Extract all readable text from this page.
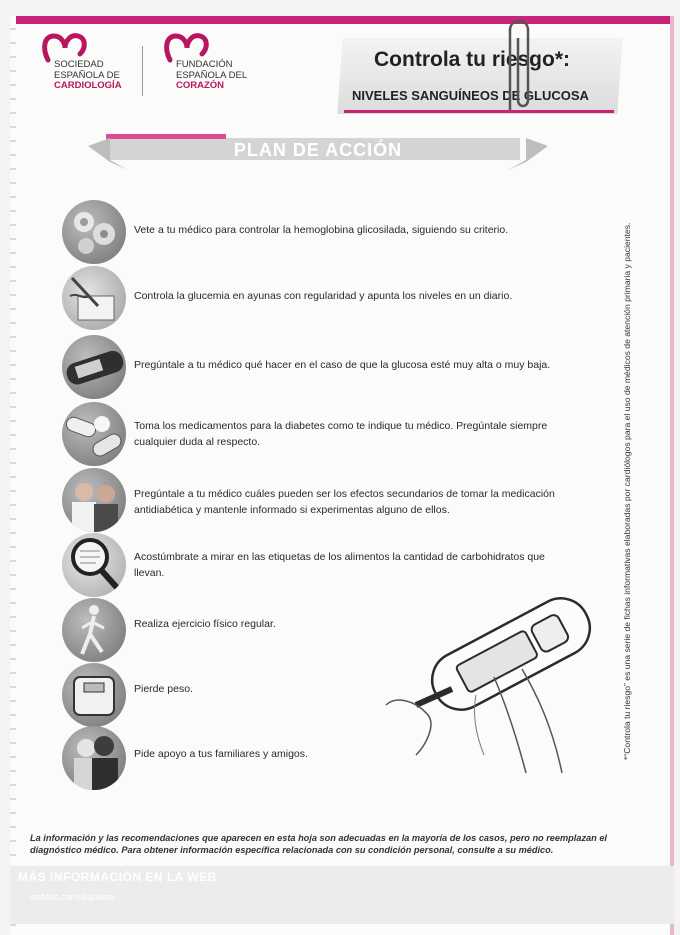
SOCIEDAD
ESPAÑOLA DE
CARDIOLOGÍA
FUNDACIÓN
ESPAÑOLA DEL
CORAZÓN
Controla tu riesgo*:
NIVELES SANGUÍNEOS DE GLUCOSA
PLAN DE ACCIÓN
Vete a tu médico para controlar la hemoglobina glicosilada, siguiendo su criterio.
Controla la glucemia en ayunas con regularidad y apunta los niveles en un diario.
Pregúntale a tu médico qué hacer en el caso de que la glucosa esté muy alta o muy baja.
Toma los medicamentos para la diabetes como te indique tu médico. Pregúntale siempre cualquier duda al respecto.
Pregúntale a tu médico cuáles pueden ser los efectos secundarios de tomar la medicación antidiabética y mantenle informado si experimentas alguno de ellos.
Acostúmbrate a mirar en las etiquetas de los alimentos la cantidad de carbohidratos que llevan.
Realiza ejercicio físico regular.
Pierde peso.
Pide apoyo a tus familiares y amigos.	*“Controla tu riesgo” es una serie de fichas informativas elaboradas por cardiólogos para el uso de médicos de atención primaria y pacientes.
La información y las recomendaciones que aparecen en esta hoja son adecuadas en la mayoría de los casos, pero no reemplazan el diagnóstico médico. Para obtener información específica relacionada con su condición personal, consulte a su médico.
MÁS INFORMACIÓN EN LA WEB
webfec.com/diabetes
